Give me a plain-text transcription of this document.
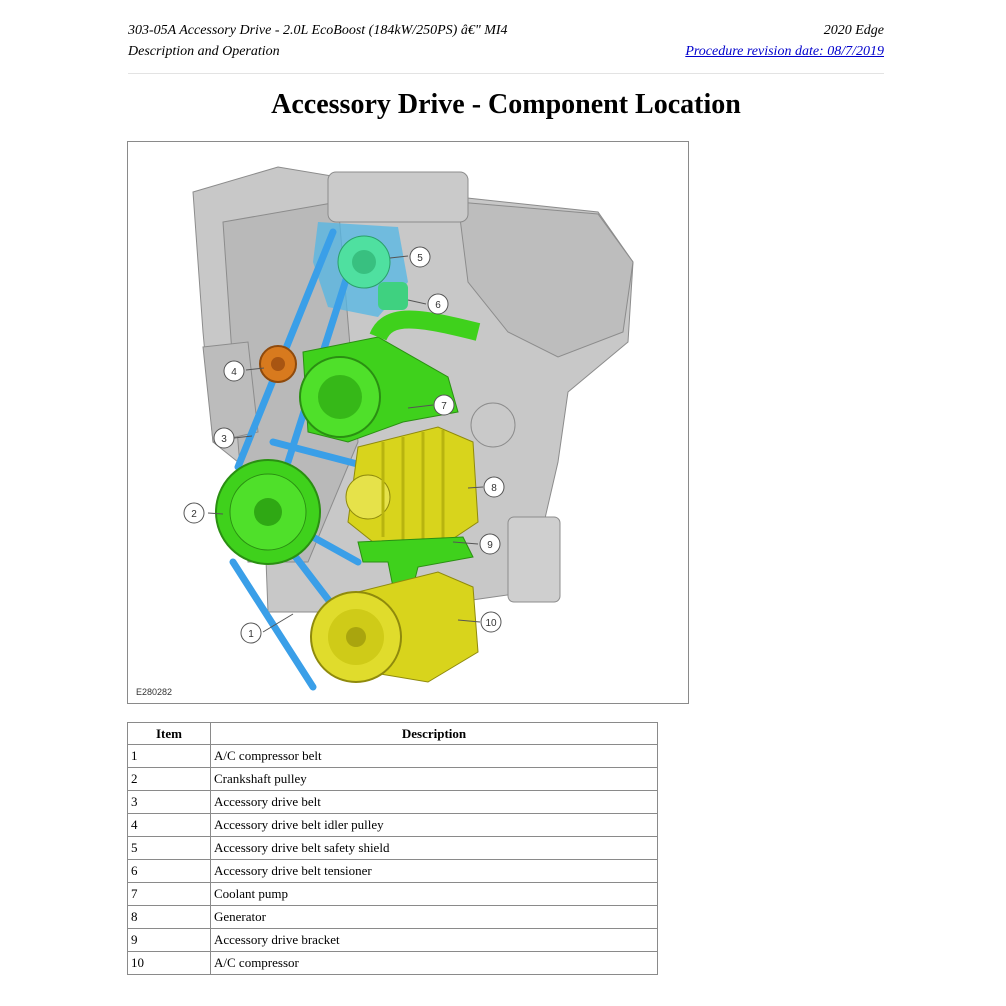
303-05A Accessory Drive - 2.0L EcoBoost (184kW/250PS) â€" MI4
Description and Operation
2020 Edge
Procedure revision date: 08/7/2019
Accessory Drive - Component Location
1
2
3
4
5
6
7
8
9
10
E280282
Item	Description
1	A/C compressor belt
2	Crankshaft pulley
3	Accessory drive belt
4	Accessory drive belt idler pulley
5	Accessory drive belt safety shield
6	Accessory drive belt tensioner
7	Coolant pump
8	Generator
9	Accessory drive bracket
10	A/C compressor
